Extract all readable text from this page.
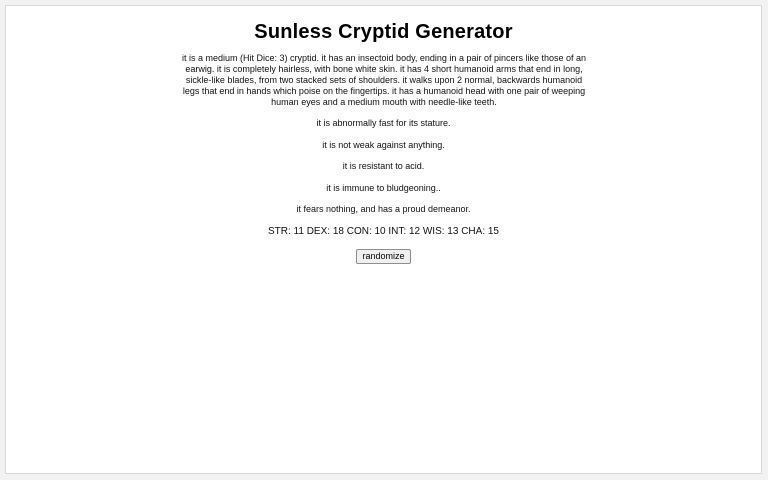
Sunless Cryptid Generator

it is a medium (Hit Dice: 3) cryptid. it has an insectoid body, ending in a pair of pincers like those of an earwig. it is completely hairless, with bone white skin. it has 4 short humanoid arms that end in long, sickle-like blades, from two stacked sets of shoulders. it walks upon 2 normal, backwards humanoid legs that end in hands which poise on the fingertips. it has a humanoid head with one pair of weeping human eyes and a medium mouth with needle-like teeth.

it is abnormally fast for its stature.

it is not weak against anything.

it is resistant to acid.

it is immune to bludgeoning..

it fears nothing, and has a proud demeanor.

STR: 11 DEX: 18 CON: 10 INT: 12 WIS: 13 CHA: 15

randomize
